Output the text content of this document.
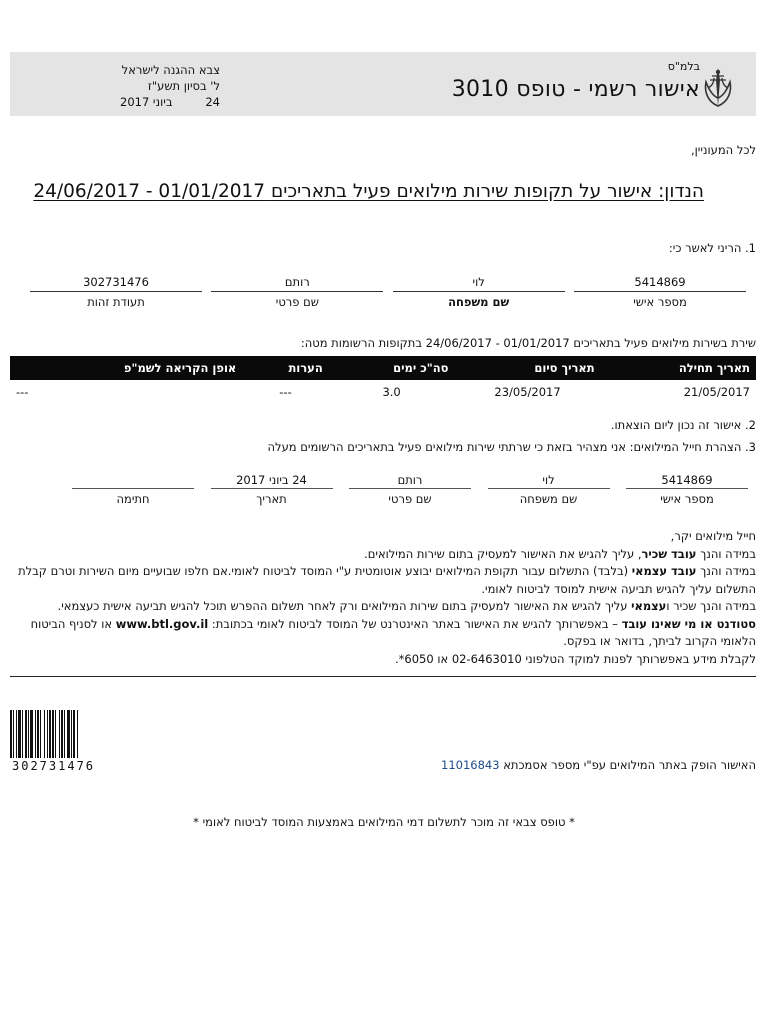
בלמ"ס
אישור רשמי - טופס 3010
צבא ההגנה לישראל
ל' בסיון תשע"ז
24
ביוני 2017
לכל המעוניין,
הנדון: אישור על תקופות שירות מילואים פעיל בתאריכים 01/01/2017 - 24/06/2017
1. הריני לאשר כי:
5414869
מספר אישי
לוי
שם משפחה
רותם
שם פרטי
302731476
תעודת זהות
שירת בשירות מילואים פעיל בתאריכים 01/01/2017 - 24/06/2017 בתקופות הרשומות מטה:
תאריך תחילה	תאריך סיום	סה"כ ימים	הערות	אופן הקריאה לשמ"פ
21/05/2017	23/05/2017	3.0	---	---
2. אישור זה נכון ליום הוצאתו.
3. הצהרת חייל המילואים: אני מצהיר בזאת כי שרתתי שירות מילואים פעיל בתאריכים הרשומים מעלה
5414869
מספר אישי
לוי
שם משפחה
רותם
שם פרטי
24 ביוני 2017
תאריך
חתימה

חייל מילואים יקר,

במידה והנך עובד שכיר, עליך להגיש את האישור למעסיק בתום שירות המילואים.

במידה והנך עובד עצמאי (בלבד) התשלום עבור תקופת המילואים יבוצע אוטומטית ע"י המוסד לביטוח לאומי.אם חלפו שבועיים מיום השירות וטרם קבלת התשלום עליך להגיש תביעה אישית למוסד לביטוח לאומי.

במידה והנך שכיר ועצמאי עליך להגיש את האישור למעסיק בתום שירות המילואים ורק לאחר תשלום ההפרש תוכל להגיש תביעה אישית כעצמאי.

סטודנט או מי שאינו עובד – באפשרותך להגיש את האישור באתר האינטרנט של המוסד לביטוח לאומי בכתובת: www.btl.gov.il או לסניף הביטוח הלאומי הקרוב לביתך, בדואר או בפקס.

לקבלת מידע באפשרותך לפנות למוקד הטלפוני 02-6463010 או 6050*.

302731476	האישור הופק באתר המילואים עפ"י מספר אסמכתא 11016843
* טופס צבאי זה מוכר לתשלום דמי המילואים באמצעות המוסד לביטוח לאומי *
